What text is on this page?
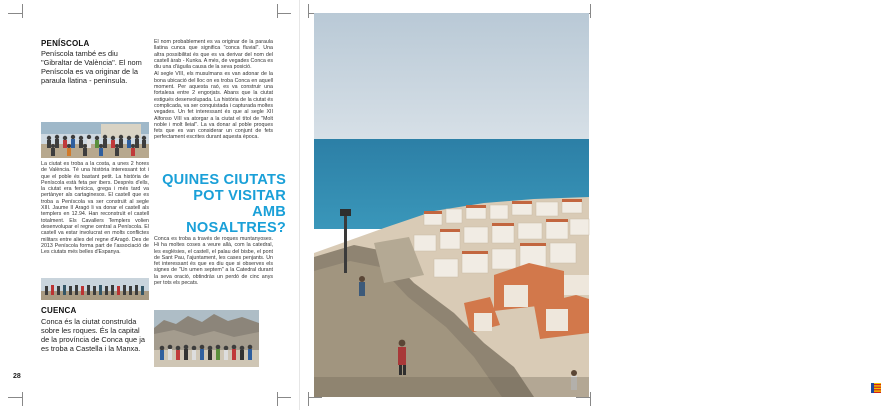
PENÍSCOLA
Peníscola també es diu "Gibraltar de València". El nom Peníscola es va originar de la paraula llatina - peninsula.
La ciutat es troba a la costa, a unes 2 hores de València. Té una història interessant tot i que el poble és bastant petit. La història de Peníscola està feta per ibers. Després d'ells, la ciutat era fenícica, grega i més tard va pertànyer als cartaginesos. El castell que es troba a Peníscola va ser construït al segle XIII. Jaume II Aragó li va donar el castell als templers en 12.94. Han reconstruït el castell totalment. Els Cavallers Templers volien desenvolupar el regne central a Peníscola. El castell va estar involucrat en molts conflictes militars entre alies del regne d'Aragó. Des de 2013 Peníscola forma part de l'associació de Les ciutats més belles d'Espanya.
CUENCA
Conca és la ciutat construïda sobre les roques. És la capital de la província de Conca que ja es troba a Castella i la Manxa.
28

El nom probablement es va originar de la paraula llatina cunca que significa "conca fluvial". Una altra possibilitat és que es va derivar del nom del castell àrab - Kunka. A més, de vegades Conca es diu una d'àguila causa de la seva posició.

Al segle VIII, els musulmans es van adonar de la bona ubicació del lloc on es troba Conca en aquell moment. Per aquesta raó, es va construir una fortalesa entre 2 engorjats. Abans que la ciutat estigués desenvolupada. La història de la ciutat és complicada, va ser conquistada i capturada moltes vegades. Un fet interessant és que al segle XII Alfonso VIII va atorgar a la ciutat el títol de "Molt noble i molt lleial". La va donar al poble proques fets que es van considerar un conjunt de fets perfectament escrites durant aquesta època.

QUINES CIUTATS POT VISITAR AMB NOSALTRES?
Conca es troba a través de roques muntanyoses. Hi ha moltes coses a veure allà, com la catedral, les esglésies, el castell, el palau del bisbe, el pont de Sant Pau, l'ajuntament, les cases penjants. Un fet interessant és que es diu que si observes els signes de "Un umen septem" a la Catedral durant la seva oració, obtindràs un perdó de cinc anys per tots els pecats.
Vista de castell a Peníscola
